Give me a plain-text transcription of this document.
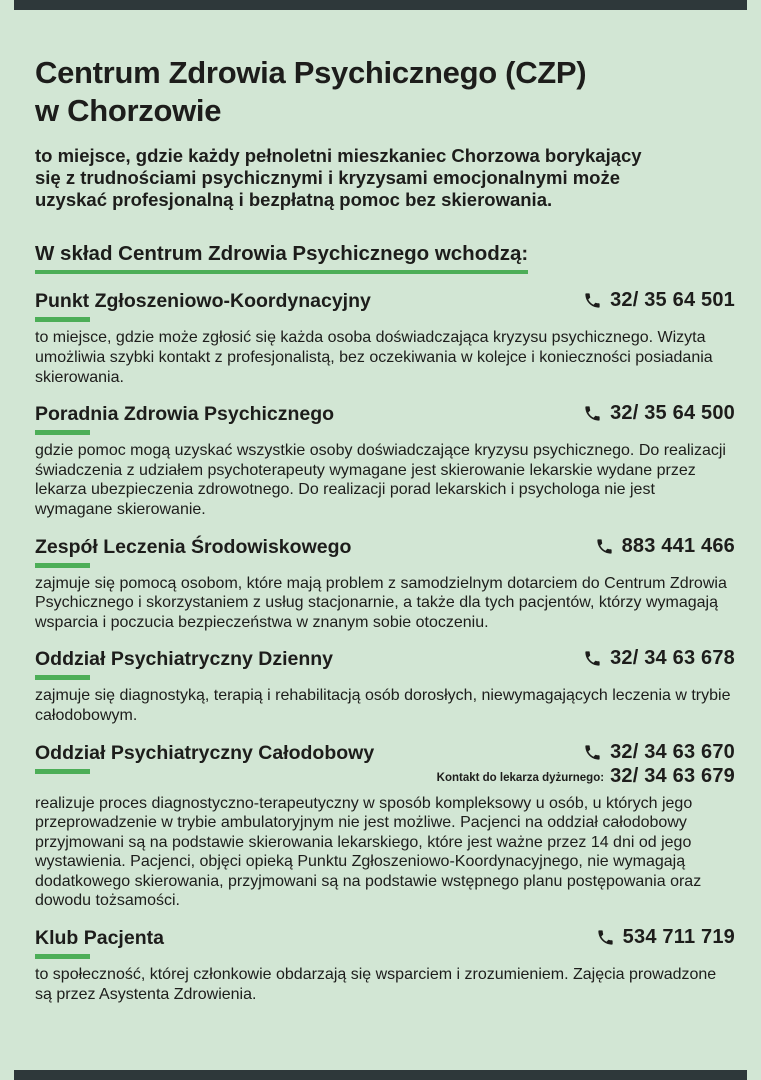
Centrum Zdrowia Psychicznego (CZP)
w Chorzowie

to miejsce, gdzie każdy pełnoletni mieszkaniec Chorzowa borykający się z trudnościami psychicznymi i kryzysami emocjonalnymi może uzyskać profesjonalną i bezpłatną pomoc bez skierowania.

W skład Centrum Zdrowia Psychicznego wchodzą:
Punkt Zgłoszeniowo-Koordynacyjny	32/ 35 64 501

to miejsce, gdzie może zgłosić się każda osoba doświadczająca kryzysu psychicznego. Wizyta umożliwia szybki kontakt z profesjonalistą, bez oczekiwania w kolejce i konieczności posiadania skierowania.

Poradnia Zdrowia Psychicznego	32/ 35 64 500

gdzie pomoc mogą uzyskać wszystkie osoby doświadczające kryzysu psychicznego. Do realizacji świadczenia z udziałem psychoterapeuty wymagane jest skierowanie lekarskie wydane przez lekarza ubezpieczenia zdrowotnego. Do realizacji porad lekarskich i psychologa nie jest wymagane skierowanie.

Zespół Leczenia Środowiskowego	883 441 466

zajmuje się pomocą osobom, które mają problem z samodzielnym dotarciem do Centrum Zdrowia Psychicznego i skorzystaniem z usług stacjonarnie, a także dla tych pacjentów, którzy wymagają wsparcia i poczucia bezpieczeństwa w znanym sobie otoczeniu.

Oddział Psychiatryczny Dzienny	32/ 34 63 678

zajmuje się diagnostyką, terapią i rehabilitacją osób dorosłych, niewymagających leczenia w trybie całodobowym.

Oddział Psychiatryczny Całodobowy	32/ 34 63 670
Kontakt do lekarza dyżurnego: 32/ 34 63 679

realizuje proces diagnostyczno-terapeutyczny w sposób kompleksowy u osób, u których jego przeprowadzenie w trybie ambulatoryjnym nie jest możliwe. Pacjenci na oddział całodobowy przyjmowani są na podstawie skierowania lekarskiego, które jest ważne przez 14 dni od jego wystawienia. Pacjenci, objęci opieką Punktu Zgłoszeniowo-Koordynacyjnego, nie wymagają dodatkowego skierowania, przyjmowani są na podstawie wstępnego planu postępowania oraz dowodu tożsamości.

Klub Pacjenta	534 711 719

to społeczność, której członkowie obdarzają się wsparciem i zrozumieniem. Zajęcia prowadzone są przez Asystenta Zdrowienia.
